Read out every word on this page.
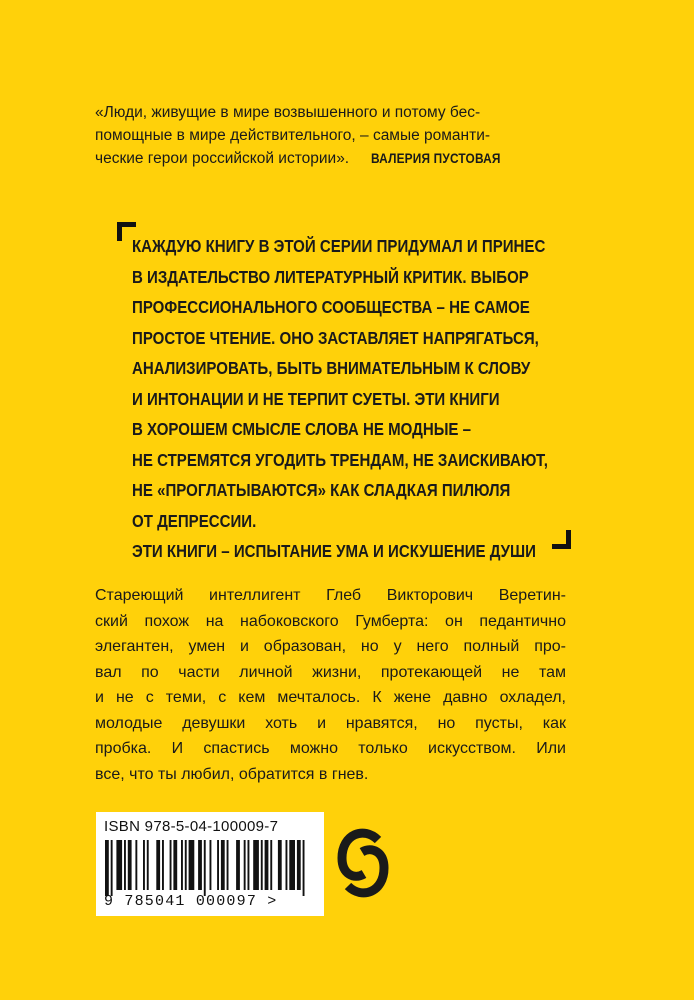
«Люди, живущие в мире возвышенного и потому бес-
помощные в мире действительного, – самые романти-
ческие герои российской истории». ВАЛЕРИЯ ПУСТОВАЯ
КАЖДУЮ КНИГУ В ЭТОЙ СЕРИИ ПРИДУМАЛ И ПРИНЕС
В ИЗДАТЕЛЬСТВО ЛИТЕРАТУРНЫЙ КРИТИК. ВЫБОР
ПРОФЕССИОНАЛЬНОГО СООБЩЕСТВА – НЕ САМОЕ
ПРОСТОЕ ЧТЕНИЕ. ОНО ЗАСТАВЛЯЕТ НАПРЯГАТЬСЯ,
АНАЛИЗИРОВАТЬ, БЫТЬ ВНИМАТЕЛЬНЫМ К СЛОВУ
И ИНТОНАЦИИ И НЕ ТЕРПИТ СУЕТЫ. ЭТИ КНИГИ
В ХОРОШЕМ СМЫСЛЕ СЛОВА НЕ МОДНЫЕ –
НЕ СТРЕМЯТСЯ УГОДИТЬ ТРЕНДАМ, НЕ ЗАИСКИВАЮТ,
НЕ «ПРОГЛАТЫВАЮТСЯ» КАК СЛАДКАЯ ПИЛЮЛЯ
ОТ ДЕПРЕССИИ.
ЭТИ КНИГИ – ИСПЫТАНИЕ УМА И ИСКУШЕНИЕ ДУШИ
Стареющий интеллигент Глеб Викторович Веретин-
ский похож на набоковского Гумберта: он педантично
элегантен, умен и образован, но у него полный про-
вал по части личной жизни, протекающей не там
и не с теми, с кем мечталось. К жене давно охладел,
молодые девушки хоть и нравятся, но пусты, как
пробка. И спастись можно только искусством. Или
все, что ты любил, обратится в гнев.
ISBN 978-5-04-100009-7
9 785041 000097 >
